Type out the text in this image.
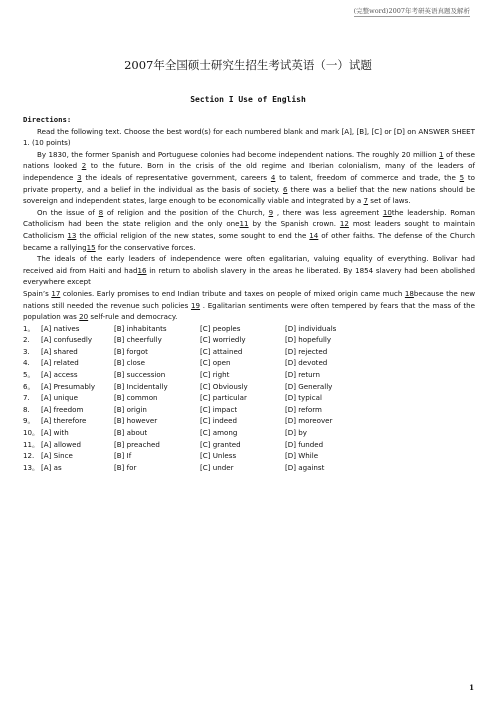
(完整word)2007年考研英语真题及解析
2007年全国硕士研究生招生考试英语（一）试题
Section I Use of English

Directions:

Read the following text. Choose the best word(s) for each numbered blank and mark [A], [B], [C] or [D] on ANSWER SHEET 1. (10 points)

By 1830, the former Spanish and Portuguese colonies had become independent nations. The roughly 20 million 1 of these nations looked 2 to the future. Born in the crisis of the old regime and Iberian colonialism, many of the leaders of independence 3 the ideals of representative government, careers 4 to talent, freedom of commerce and trade, the 5 to private property, and a belief in the individual as the basis of society. 6 there was a belief that the new nations should be sovereign and independent states, large enough to be economically viable and integrated by a 7 set of laws.

On the issue of 8 of religion and the position of the Church, 9 , there was less agreement 10the leadership. Roman Catholicism had been the state religion and the only one11 by the Spanish crown. 12 most leaders sought to maintain Catholicism 13 the official religion of the new states, some sought to end the 14 of other faiths. The defense of the Church became a rallying15 for the conservative forces.

The ideals of the early leaders of independence were often egalitarian, valuing equality of everything. Bolivar had received aid from Haiti and had16 in return to abolish slavery in the areas he liberated. By 1854 slavery had been abolished everywhere except

Spain’s 17 colonies. Early promises to end Indian tribute and taxes on people of mixed origin came much 18because the new nations still needed the revenue such policies 19 . Egalitarian sentiments were often tempered by fears that the mass of the population was 20 self-rule and democracy.

1。 [A] natives	[B] inhabitants	[C] peoples	[D] individuals
2.	[A] confusedly	[B] cheerfully	[C] worriedly	[D] hopefully
3.	[A] shared	[B] forgot	[C] attained	[D] rejected
4.	[A] related	[B] close	[C] open	[D] devoted
5。 [A] access	[B] succession	[C] right	[D] return
6。 [A] Presumably	[B] Incidentally	[C] Obviously	[D] Generally
7.	[A] unique	[B] common	[C] particular	[D] typical
8.	[A] freedom	[B] origin	[C] impact	[D] reform
9。 [A] therefore	[B] however	[C] indeed	[D] moreover
10。 [A] with	[B] about	[C] among	[D] by
11。 [A] allowed	[B] preached	[C] granted	[D] funded
12. [A] Since	[B] If	[C] Unless	[D] While
13。 [A] as	[B] for	[C] under	[D] against
1
